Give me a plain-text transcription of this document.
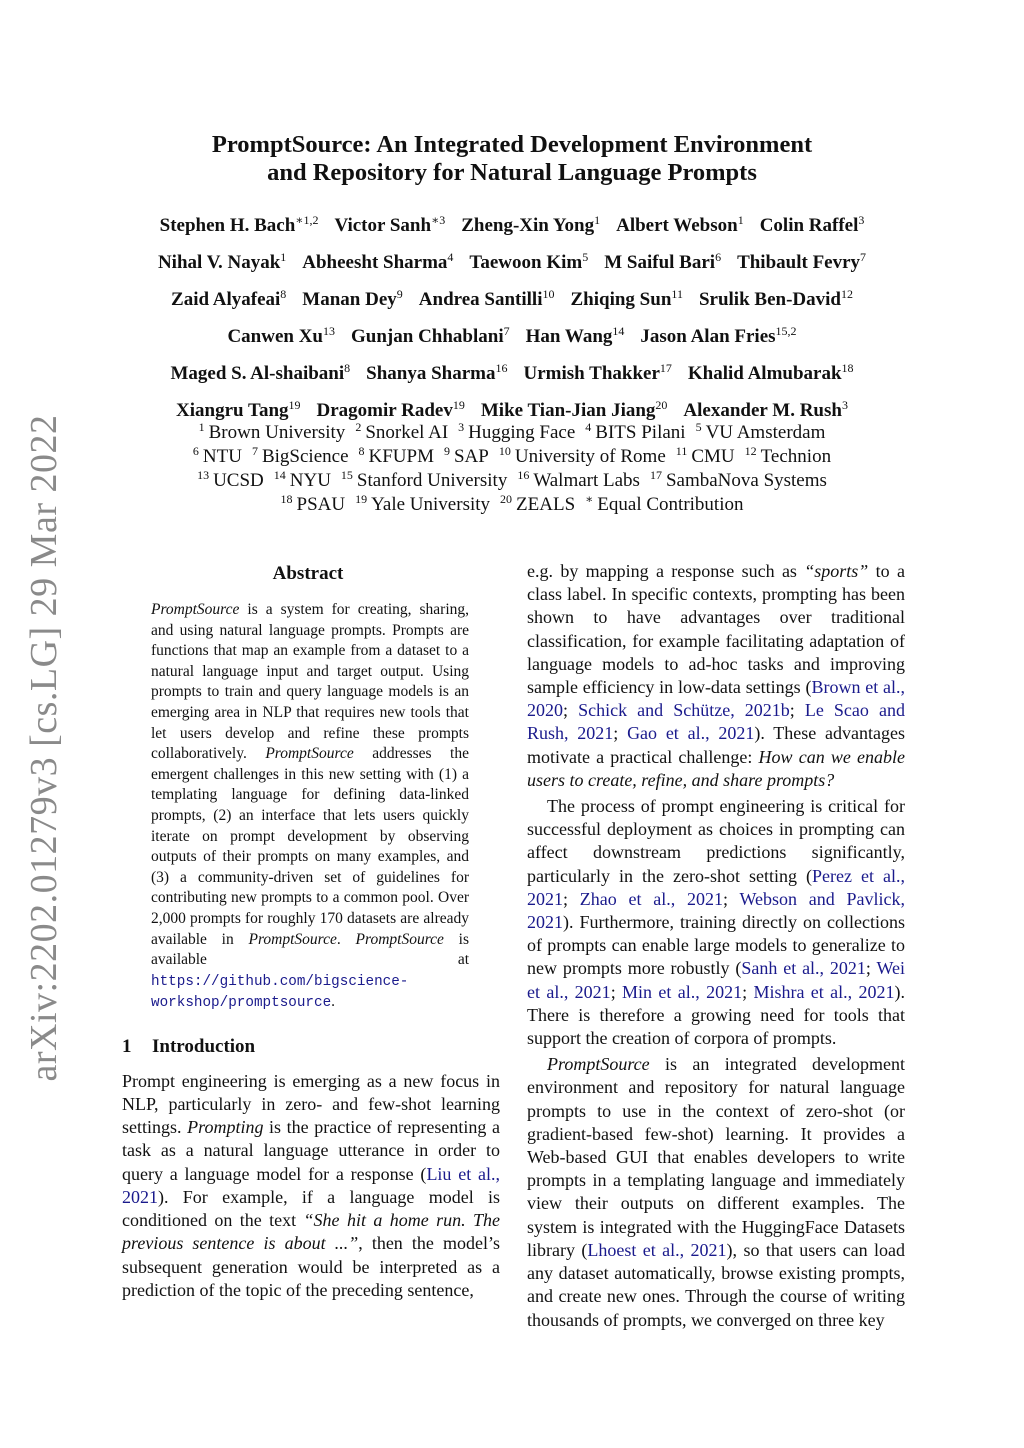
arXiv:2202.01279v3 [cs.LG] 29 Mar 2022
PromptSource: An Integrated Development Environment
and Repository for Natural Language Prompts
Stephen H. Bach$^{∗1,2}$ Victor Sanh$^{∗3}$ Zheng-Xin Yong$^1$ Albert Webson$^1$ Colin Raffel$^3$
Nihal V. Nayak$^1$ Abheesht Sharma$^4$ Taewoon Kim$^5$ M Saiful Bari$^6$ Thibault Fevry$^7$
Zaid Alyafeai$^8$ Manan Dey$^9$ Andrea Santilli$^{10}$ Zhiqing Sun$^{11}$ Srulik Ben-David$^{12}$
Canwen Xu$^{13}$ Gunjan Chhablani$^7$ Han Wang$^{14}$ Jason Alan Fries$^{15,2}$
Maged S. Al-shaibani$^8$ Shanya Sharma$^{16}$ Urmish Thakker$^{17}$ Khalid Almubarak$^{18}$
Xiangru Tang$^{19}$ Dragomir Radev$^{19}$ Mike Tian-Jian Jiang$^{20}$ Alexander M. Rush$^3$
$^1$ Brown University $^2$ Snorkel AI $^3$ Hugging Face $^4$ BITS Pilani $^5$ VU Amsterdam
$^6$ NTU $^7$ BigScience $^8$ KFUPM $^9$ SAP $^{10}$ University of Rome $^{11}$ CMU $^{12}$ Technion
$^{13}$ UCSD $^{14}$ NYU $^{15}$ Stanford University $^{16}$ Walmart Labs $^{17}$ SambaNova Systems
$^{18}$ PSAU $^{19}$ Yale University $^{20}$ ZEALS ∗ Equal Contribution
Abstract
PromptSource is a system for creating, sharing, and using natural language prompts. Prompts are functions that map an example from a dataset to a natural language input and target output. Using prompts to train and query language models is an emerging area in NLP that requires new tools that let users develop and refine these prompts collaboratively. PromptSource addresses the emergent challenges in this new setting with (1) a templating language for defining data-linked prompts, (2) an interface that lets users quickly iterate on prompt development by observing outputs of their prompts on many examples, and (3) a community-driven set of guidelines for contributing new prompts to a common pool. Over 2,000 prompts for roughly 170 datasets are already available in PromptSource. PromptSource is available at https://github.com/bigscience-workshop/promptsource.
1 Introduction

Prompt engineering is emerging as a new focus in NLP, particularly in zero- and few-shot learning settings. Prompting is the practice of representing a task as a natural language utterance in order to query a language model for a response (Liu et al., 2021). For example, if a language model is conditioned on the text “She hit a home run. The previous sentence is about ...”, then the model’s subsequent generation would be interpreted as a prediction of the topic of the preceding sentence,

e.g. by mapping a response such as “sports” to a class label. In specific contexts, prompting has been shown to have advantages over traditional classification, for example facilitating adaptation of language models to ad-hoc tasks and improving sample efficiency in low-data settings (Brown et al., 2020; Schick and Schütze, 2021b; Le Scao and Rush, 2021; Gao et al., 2021). These advantages motivate a practical challenge: How can we enable users to create, refine, and share prompts?

The process of prompt engineering is critical for successful deployment as choices in prompting can affect downstream predictions significantly, particularly in the zero-shot setting (Perez et al., 2021; Zhao et al., 2021; Webson and Pavlick, 2021). Furthermore, training directly on collections of prompts can enable large models to generalize to new prompts more robustly (Sanh et al., 2021; Wei et al., 2021; Min et al., 2021; Mishra et al., 2021). There is therefore a growing need for tools that support the creation of corpora of prompts.

PromptSource is an integrated development environment and repository for natural language prompts to use in the context of zero-shot (or gradient-based few-shot) learning. It provides a Web-based GUI that enables developers to write prompts in a templating language and immediately view their outputs on different examples. The system is integrated with the HuggingFace Datasets library (Lhoest et al., 2021), so that users can load any dataset automatically, browse existing prompts, and create new ones. Through the course of writing thousands of prompts, we converged on three key
